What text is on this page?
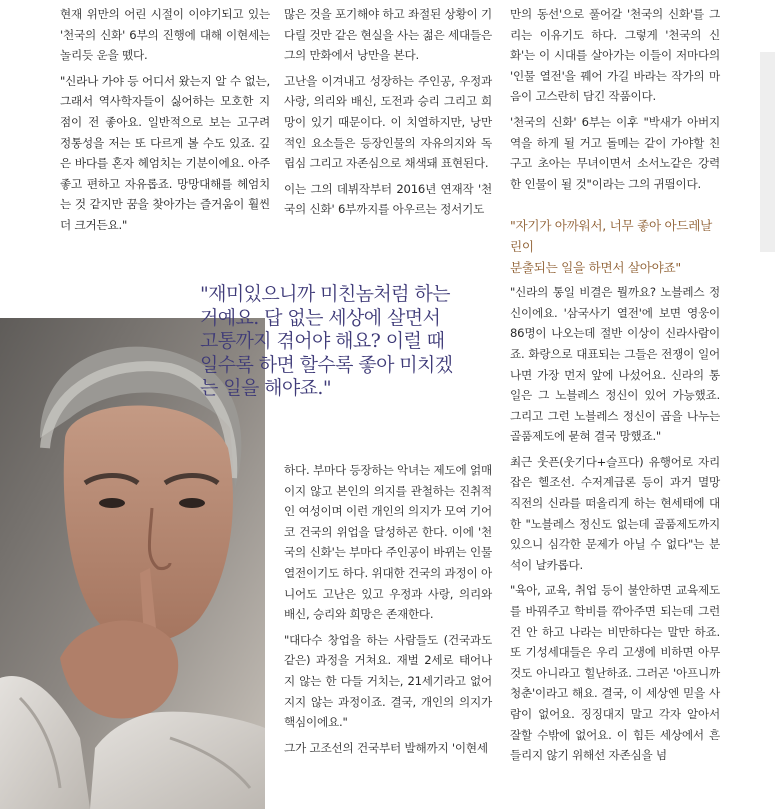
현재 위만의 어린 시절이 이야기되고 있는 '천국의 신화' 6부의 진행에 대해 이현세는 놀리듯 운을 뗐다.

"신라나 가야 등 어디서 왔는지 알 수 없는, 그래서 역사학자들이 싫어하는 모호한 지점이 전 좋아요. 일반적으로 보는 고구려 정통성을 저는 또 다르게 볼 수도 있죠. 깊은 바다를 혼자 헤엄치는 기분이에요. 아주 좋고 편하고 자유롭죠. 망망대해를 헤엄치는 것 같지만 꿈을 찾아가는 즐거움이 훨씬 더 크거든요."

많은 것을 포기해야 하고 좌절된 상황이 기다릴 것만 같은 현실을 사는 젊은 세대들은 그의 만화에서 낭만을 본다.

고난을 이겨내고 성장하는 주인공, 우정과 사랑, 의리와 배신, 도전과 승리 그리고 희망이 있기 때문이다. 이 치열하지만, 낭만적인 요소들은 등장인물의 자유의지와 독립심 그리고 자존심으로 채색돼 표현된다.

이는 그의 데뷔작부터 2016년 연재작 '천국의 신화' 6부까지를 아우르는 정서기도

만의 동선'으로 풀어갈 '천국의 신화'를 그리는 이유기도 하다. 그렇게 '천국의 신화'는 이 시대를 살아가는 이들이 저마다의 '인물 열전'을 꿰어 가길 바라는 작가의 마음이 고스란히 담긴 작품이다.

'천국의 신화' 6부는 이후 "박새가 아버지 역을 하게 될 거고 돌메는 같이 가야할 친구고 초아는 무녀이면서 소서노같은 강력한 인물이 될 것"이라는 그의 귀띔이다.

"자기가 아까워서, 너무 좋아 아드레날린이
분출되는 일을 하면서 살아야죠"

"신라의 통일 비결은 뭘까요? 노블레스 정신이에요. '삼국사기 열전'에 보면 영웅이 86명이 나오는데 절반 이상이 신라사람이죠. 화랑으로 대표되는 그들은 전쟁이 일어나면 가장 먼저 앞에 나섰어요. 신라의 통일은 그 노블레스 정신이 있어 가능했죠. 그리고 그런 노블레스 정신이 곱을 나누는 골품제도에 묻혀 결국 망했죠."

최근 웃픈(웃기다+슬프다) 유행어로 자리잡은 헬조선. 수저계급론 등이 과거 멸망 직전의 신라를 떠올리게 하는 현세태에 대한 "노블레스 정신도 없는데 골품제도까지 있으니 심각한 문제가 아닐 수 없다"는 분석이 날카롭다.

"육아, 교육, 취업 등이 불안하면 교육제도를 바꿔주고 학비를 깎아주면 되는데 그런 건 안 하고 나라는 비만하다는 말만 하죠. 또 기성세대들은 우리 고생에 비하면 아무것도 아니라고 힐난하죠. 그러곤 '아프니까 청춘'이라고 해요. 결국, 이 세상엔 믿을 사람이 없어요. 징징대지 말고 각자 알아서 잘할 수밖에 없어요. 이 힘든 세상에서 흔들리지 않기 위해선 자존심을 넘

하다. 부마다 등장하는 악녀는 제도에 얽매이지 않고 본인의 의지를 관철하는 진취적인 여성이며 이런 개인의 의지가 모여 기어코 건국의 위업을 달성하곤 한다. 이에 '천국의 신화'는 부마다 주인공이 바뀌는 인물 열전이기도 하다. 위대한 건국의 과정이 아니어도 고난은 있고 우정과 사랑, 의리와 배신, 승리와 희망은 존재한다.

"대다수 창업을 하는 사람들도 (건국과도 같은) 과정을 거쳐요. 재벌 2세로 태어나지 않는 한 다들 거치는, 21세기라고 없어지지 않는 과정이죠. 결국, 개인의 의지가 핵심이에요."

그가 고조선의 건국부터 발해까지 '이현세

"재미있으니까 미친놈처럼 하는
거예요. 답 없는 세상에 살면서
고통까지 겪어야 해요? 이럴 때
일수록 하면 할수록 좋아 미치겠
는 일을 해야죠."
